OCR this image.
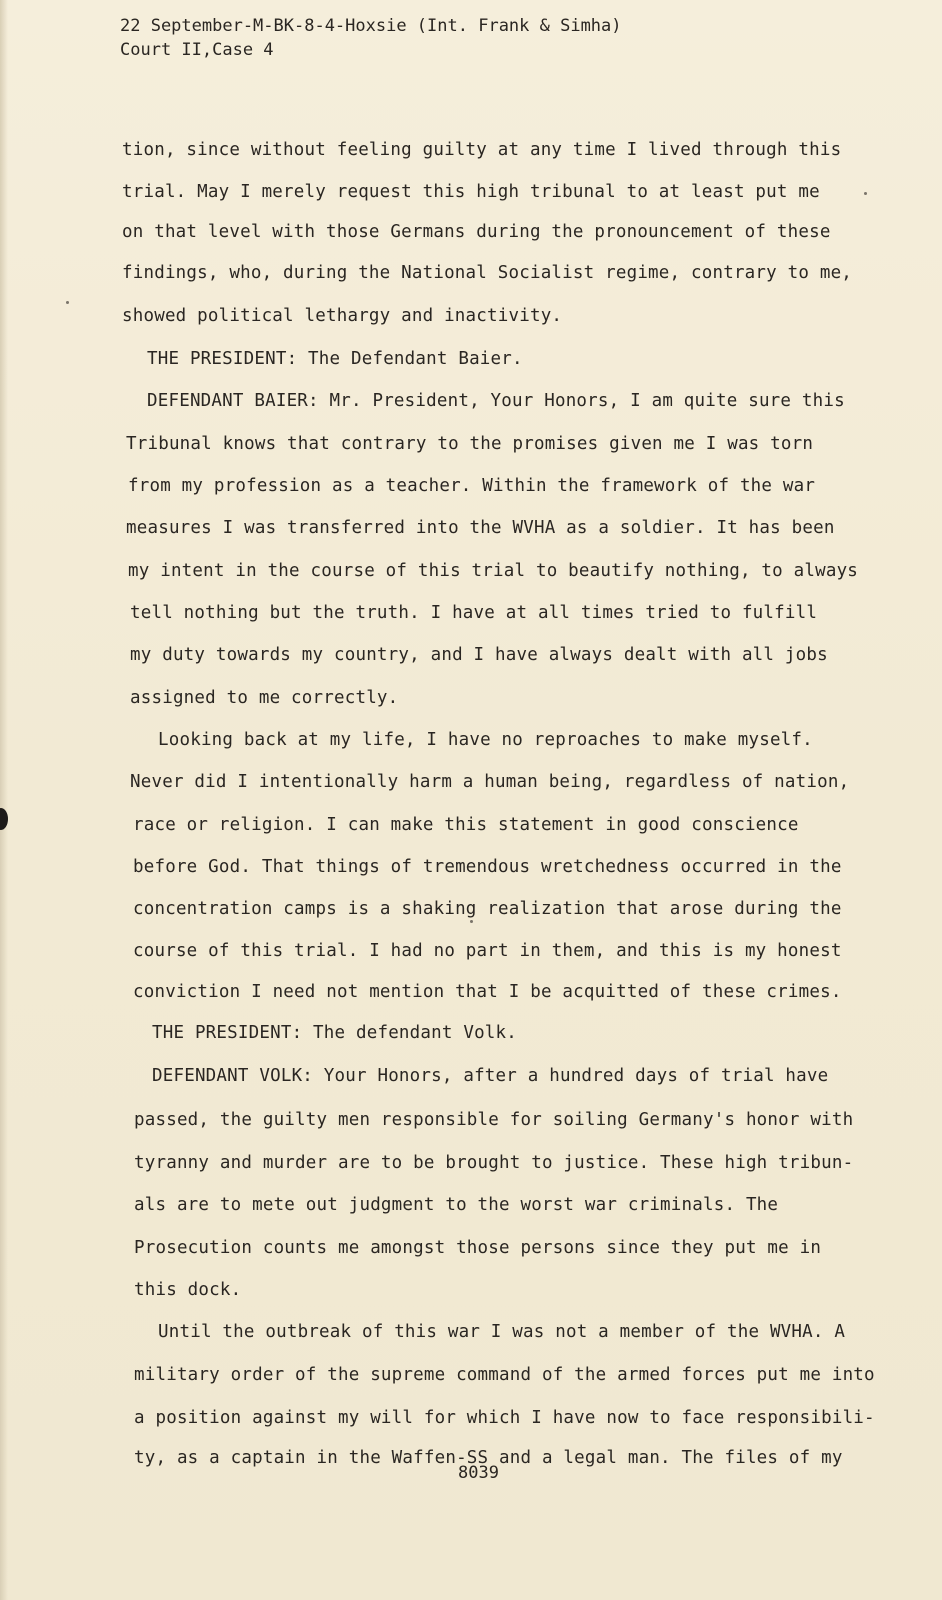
22 September-M-BK-8-4-Hoxsie (Int. Frank & Simha)
Court II,Case 4
tion, since without feeling guilty at any time I lived through this
trial. May I merely request this high tribunal to at least put me
on that level with those Germans during the pronouncement of these
findings, who, during the National Socialist regime, contrary to me,
showed political lethargy and inactivity.
THE PRESIDENT: The Defendant Baier.
DEFENDANT BAIER: Mr. President, Your Honors, I am quite sure this
Tribunal knows that contrary to the promises given me I was torn
from my profession as a teacher. Within the framework of the war
measures I was transferred into the WVHA as a soldier. It has been
my intent in the course of this trial to beautify nothing, to always
tell nothing but the truth. I have at all times tried to fulfill
my duty towards my country, and I have always dealt with all jobs
assigned to me correctly.
Looking back at my life, I have no reproaches to make myself.
Never did I intentionally harm a human being, regardless of nation,
race or religion. I can make this statement in good conscience
before God. That things of tremendous wretchedness occurred in the
concentration camps is a shaking realization that arose during the
course of this trial. I had no part in them, and this is my honest
conviction I need not mention that I be acquitted of these crimes.
THE PRESIDENT: The defendant Volk.
DEFENDANT VOLK: Your Honors, after a hundred days of trial have
passed, the guilty men responsible for soiling Germany's honor with
tyranny and murder are to be brought to justice. These high tribun-
als are to mete out judgment to the worst war criminals. The
Prosecution counts me amongst those persons since they put me in
this dock.
Until the outbreak of this war I was not a member of the WVHA. A
military order of the supreme command of the armed forces put me into
a position against my will for which I have now to face responsibili-
ty, as a captain in the Waffen-SS and a legal man. The files of my
8039
